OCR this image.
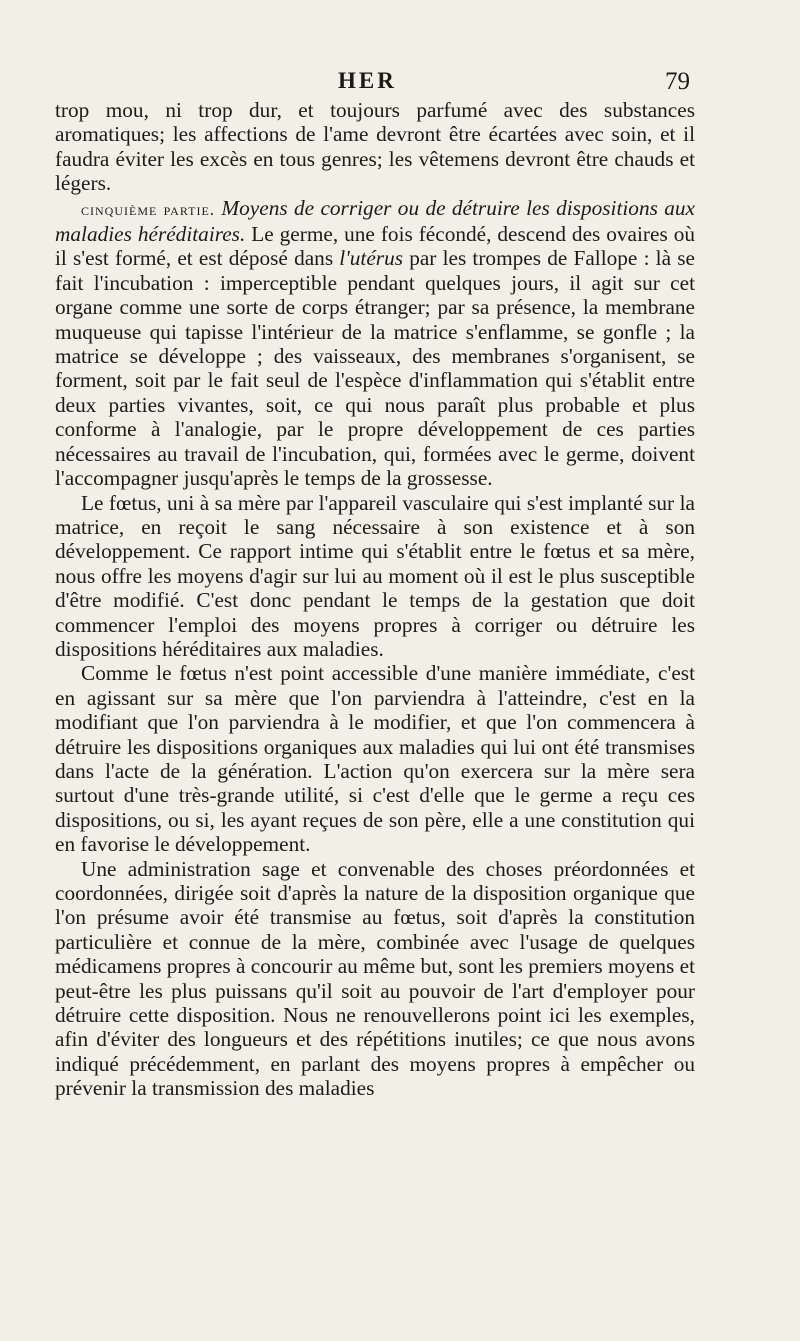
HER	79

trop mou, ni trop dur, et toujours parfumé avec des substances aromatiques; les affections de l'ame devront être écartées avec soin, et il faudra éviter les excès en tous genres; les vêtemens devront être chauds et légers.

cinquième partie. Moyens de corriger ou de détruire les dispositions aux maladies héréditaires. Le germe, une fois fécondé, descend des ovaires où il s'est formé, et est déposé dans l'utérus par les trompes de Fallope : là se fait l'incubation : imperceptible pendant quelques jours, il agit sur cet organe comme une sorte de corps étranger; par sa présence, la membrane muqueuse qui tapisse l'intérieur de la matrice s'enflamme, se gonfle ; la matrice se développe ; des vaisseaux, des membranes s'organisent, se forment, soit par le fait seul de l'espèce d'inflammation qui s'établit entre deux parties vivantes, soit, ce qui nous paraît plus probable et plus conforme à l'analogie, par le propre développement de ces parties nécessaires au travail de l'incubation, qui, formées avec le germe, doivent l'accompagner jusqu'après le temps de la grossesse.

Le fœtus, uni à sa mère par l'appareil vasculaire qui s'est implanté sur la matrice, en reçoit le sang nécessaire à son existence et à son développement. Ce rapport intime qui s'établit entre le fœtus et sa mère, nous offre les moyens d'agir sur lui au moment où il est le plus susceptible d'être modifié. C'est donc pendant le temps de la gestation que doit commencer l'emploi des moyens propres à corriger ou détruire les dispositions héréditaires aux maladies.

Comme le fœtus n'est point accessible d'une manière immédiate, c'est en agissant sur sa mère que l'on parviendra à l'atteindre, c'est en la modifiant que l'on parviendra à le modifier, et que l'on commencera à détruire les dispositions organiques aux maladies qui lui ont été transmises dans l'acte de la génération. L'action qu'on exercera sur la mère sera surtout d'une très-grande utilité, si c'est d'elle que le germe a reçu ces dispositions, ou si, les ayant reçues de son père, elle a une constitution qui en favorise le développement.

Une administration sage et convenable des choses préordonnées et coordonnées, dirigée soit d'après la nature de la disposition organique que l'on présume avoir été transmise au fœtus, soit d'après la constitution particulière et connue de la mère, combinée avec l'usage de quelques médicamens propres à concourir au même but, sont les premiers moyens et peut-être les plus puissans qu'il soit au pouvoir de l'art d'employer pour détruire cette disposition. Nous ne renouvellerons point ici les exemples, afin d'éviter des longueurs et des répétitions inutiles; ce que nous avons indiqué précédemment, en parlant des moyens propres à empêcher ou prévenir la transmission des maladies
